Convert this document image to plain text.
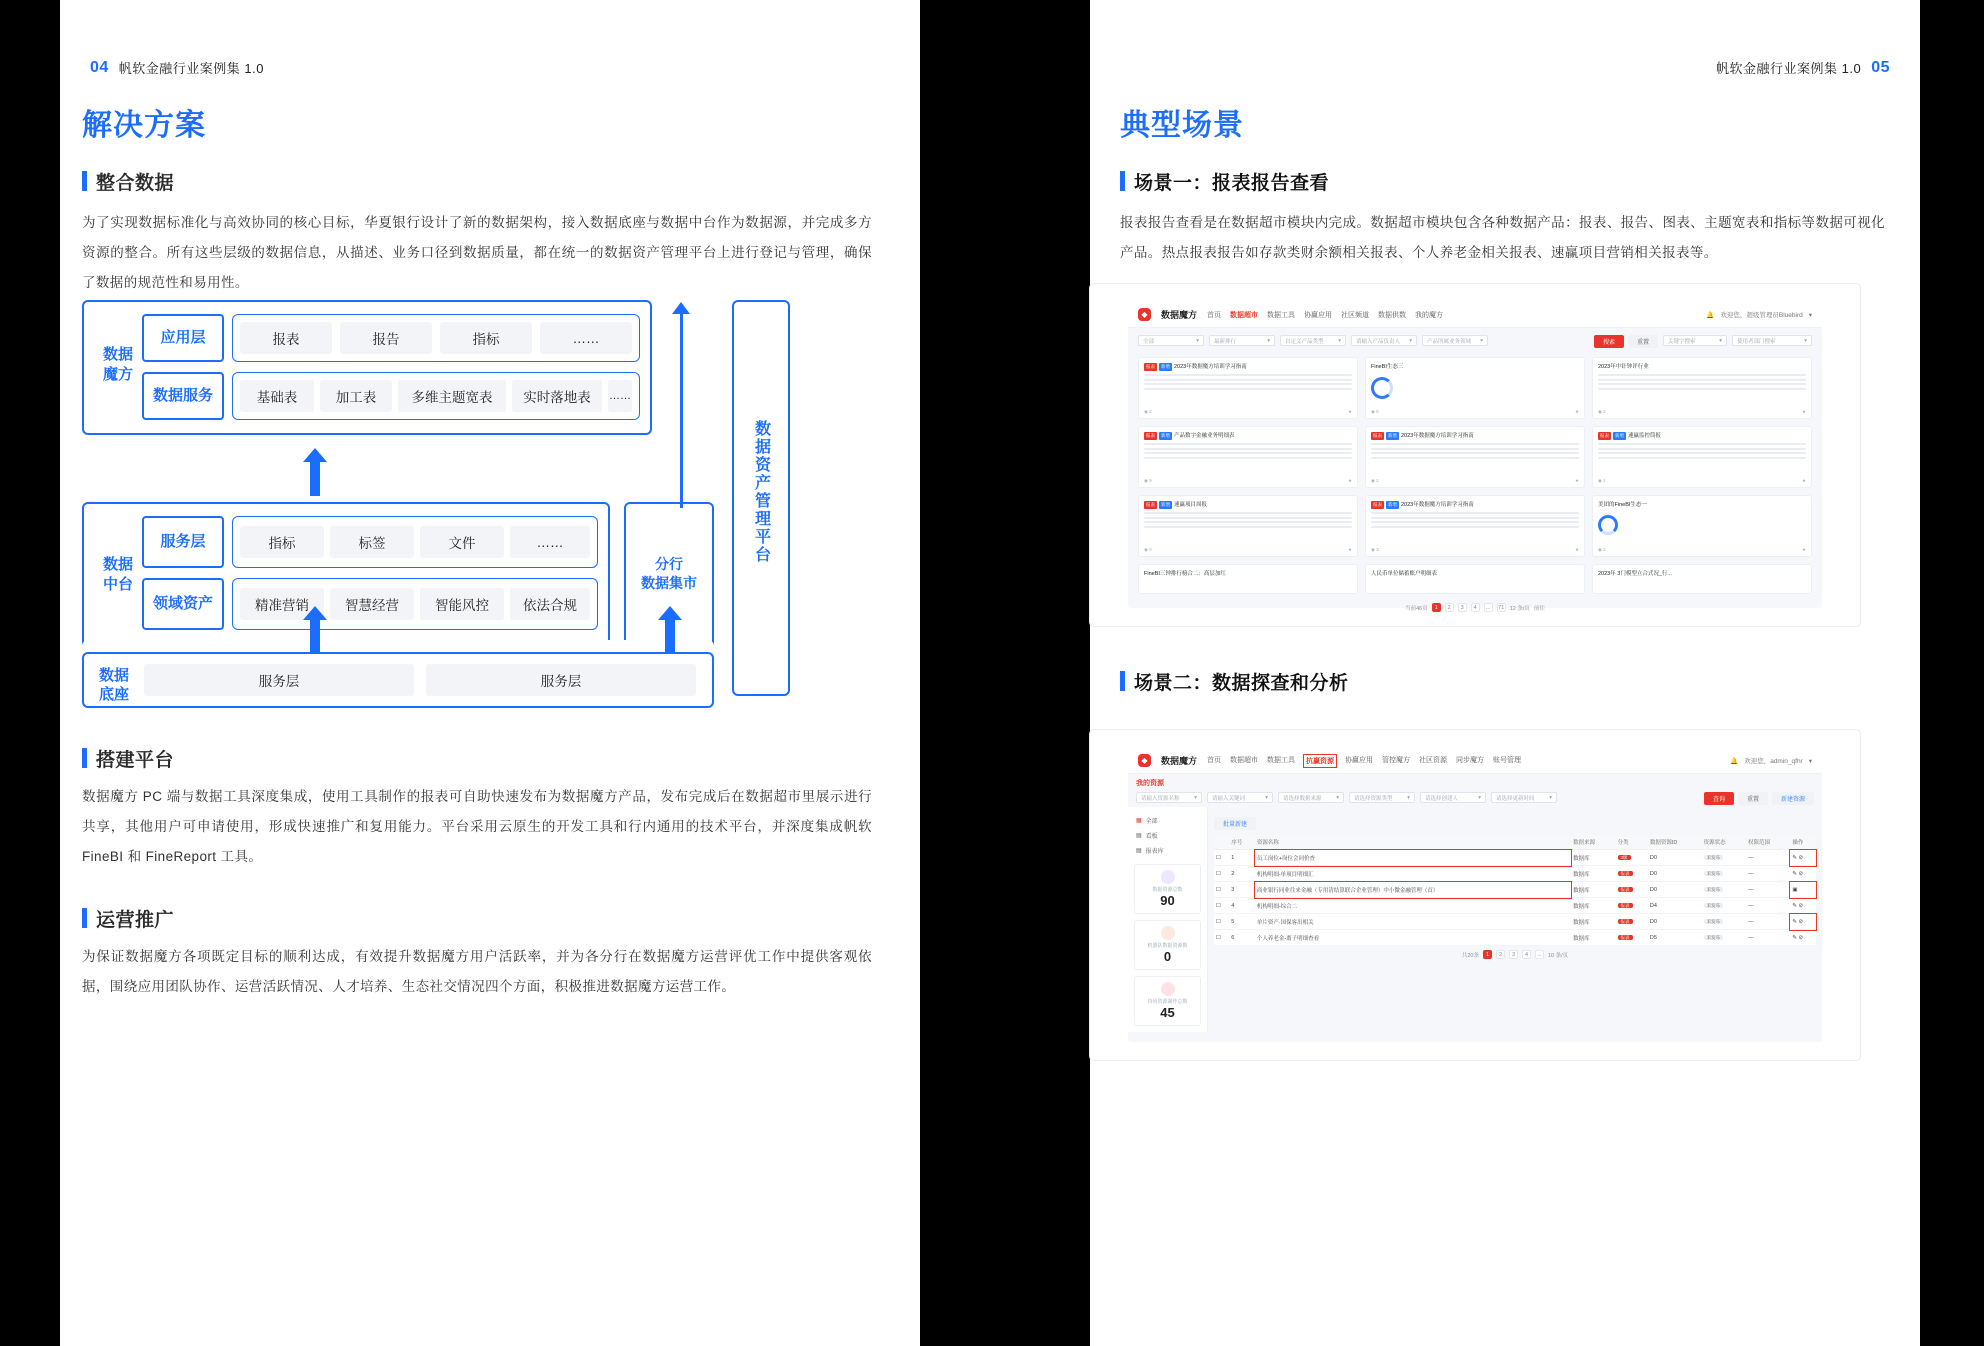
04 帆软金融行业案例集 1.0
解决方案
整合数据

为了实现数据标准化与高效协同的核心目标，华夏银行设计了新的数据架构，接入数据底座与数据中台作为数据源，并完成多方资源的整合。所有这些层级的数据信息，从描述、业务口径到数据质量，都在统一的数据资产管理平台上进行登记与管理，确保了数据的规范性和易用性。

数据
魔方
应用层	报表	报告	指标	……
数据服务	基础表	加工表	多维主题宽表	实时落地表	……
数据
中台
服务层	指标	标签	文件	……
领域资产	精准营销	智慧经营	智能风控	依法合规
分行
数据集市
数据资产管理平台
数据
底座
服务层	服务层
搭建平台

数据魔方 PC 端与数据工具深度集成，使用工具制作的报表可自助快速发布为数据魔方产品，发布完成后在数据超市里展示进行共享，其他用户可申请使用，形成快速推广和复用能力。平台采用云原生的开发工具和行内通用的技术平台，并深度集成帆软 FineBI 和 FineReport 工具。

运营推广

为保证数据魔方各项既定目标的顺利达成，有效提升数据魔方用户活跃率，并为各分行在数据魔方运营评优工作中提供客观依据，围绕应用团队协作、运营活跃情况、人才培养、生态社交情况四个方面，积极推进数据魔方运营工作。

帆软金融行业案例集 1.0 05
典型场景
场景一：报表报告查看

报表报告查看是在数据超市模块内完成。数据超市模块包含各种数据产品：报表、报告、图表、主题宽表和指标等数据可视化产品。热点报表报告如存款类财余额相关报表、个人养老金相关报表、速赢项目营销相关报表等。

◆	数据魔方 首页 数据超市 数据工具 协赢应用 社区频道 数据供数 我的魔方	🔔 欢迎您，超级管理员Bluebird ▾
全部	▾	最新排行	▾	自定义产品类型	▾	请输入产品负责人 ▾	产品所属业务领域 ▾	搜索	重置	关键字搜索	▾	使用者部门搜索	▾
报表 新增 2023年数据魔方培训学习指南
◉ 2	★
FineBI生态三
◉ 5	★
2023年中针钟评行业
◉ 3	★
报表 新增 产品数字金融业务明细表
◉ 9	★
报表 新增 2023年数据魔方培训学习指南
◉ 2	★
报表 新增 速赢监控筒报
◉ 1	★
报表 新增 速赢项目周报
◉ 0	★
报表 新增 2023年数据魔方培训学习指南
◉ 3	★
美团的FineBI生态一
◉ 2	★
FineBI三钟排行榜合二：高层加红	人民币单位储蓄账户明细表	2023年 3门模型立合式况_行...
当前46页	1	2	3	4	...	71 12 条/页 前往
场景二：数据探查和分析
◆	数据魔方 首页 数据超市 数据工具 抗赢资源 协赢应用 管控魔方 社区资源 同步魔方 账号管理	🔔 欢迎您，admin_qfhr ▾
我的资源
请输入资源名称	▾	请输入关键词	▾	请选择数据来源	▾	请选择资源类型	▾	请选择创建人	▾	请选择更新时间	▾	查询	重置	新建资源
▦ 全部
▤ 看板
▤ 报表库
数据资源总数
90
机器队数据资源数
0
待用资源制作总数
45
批量新建
	序号	资源名称	数据来源	分类	数据资源ID	资源状态	权限范围	操作
☐	1	员工岗位+岗位会同价查	数据库	3级	D0	未发布	—	✎ ⊘
☐	2	机构明细-单项目明细汇	数据库	报表	D0	未发布	—	✎ ⊘
☐	3	商业银行同业往来金融（专用清结算联合企业管理）中小微金融管理（首）	数据库	报表	D0	未发布	—	▣
☐	4	机构明细-综合二	数据库	报表	D4	未发布	—	✎ ⊘
☐	5	单片资产·国保客出相关	数据库	报表	D0	未发布	—	✎ ⊘
☐	6	个人养老金-离子明细查看	数据库	报表	D5	未发布	—	✎ ⊘
共20条	1	2	3	4	...	10 条/页
